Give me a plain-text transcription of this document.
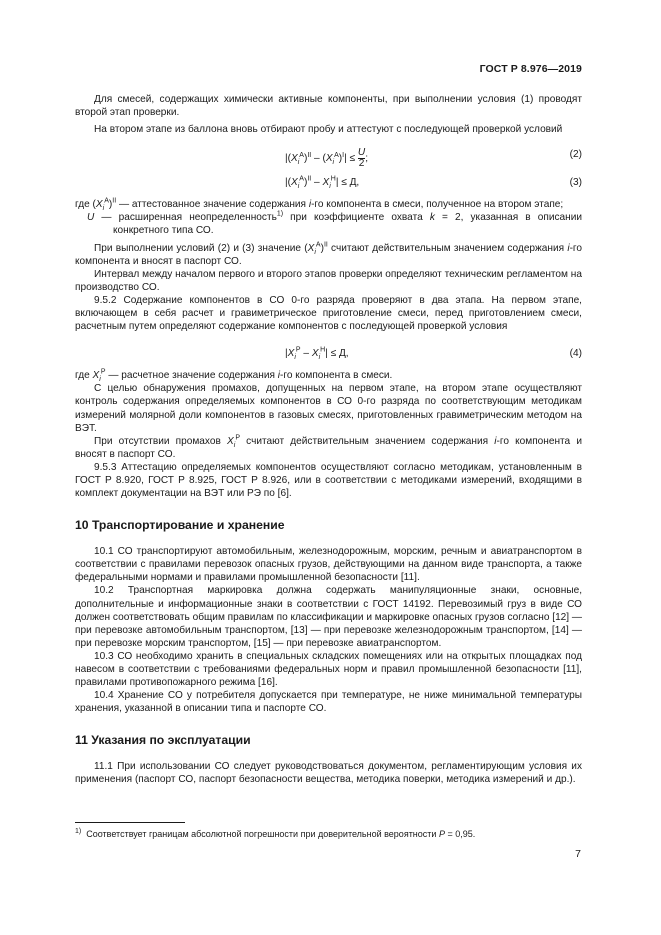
ГОСТ Р 8.976—2019

Для смесей, содержащих химически активные компоненты, при выполнении условия (1) проводят второй этап проверки.

На втором этапе из баллона вновь отбирают пробу и аттестуют с последующей проверкой условий

$|(X_i^A)^{II} - (X_i^A)^I| \le \frac{U}{2}$ ;	(2)
$|(X_i^A)^{II} - X_i^H| \le Д$,	(3)

где $(X_i^A)^{II}$ — аттестованное значение содержания i-го компонента в смеси, полученное на втором этапе;

U — расширенная неопределенность$^{1)}$ при коэффициенте охвата k = 2, указанная в описании конкретного типа СО.

При выполнении условий (2) и (3) значение $(X_i^A)^{II}$ считают действительным значением содержания i-го компонента и вносят в паспорт СО.

Интервал между началом первого и второго этапов проверки определяют техническим регламентом на производство СО.

9.5.2 Содержание компонентов в СО 0-го разряда проверяют в два этапа. На первом этапе, включающем в себя расчет и гравиметрическое приготовление смеси, перед приготовлением смеси, расчетным путем определяют содержание компонентов с последующей проверкой условия

$|X_i^P - X_i^H| \le Д$,	(4)

где $X_i^P$ — расчетное значение содержания i-го компонента в смеси.

С целью обнаружения промахов, допущенных на первом этапе, на втором этапе осуществляют контроль содержания определяемых компонентов в СО 0-го разряда по соответствующим методикам измерений молярной доли компонентов в газовых смесях, приготовленных гравиметрическим методом на ВЭТ.

При отсутствии промахов $X_i^P$ считают действительным значением содержания i-го компонента и вносят в паспорт СО.

9.5.3 Аттестацию определяемых компонентов осуществляют согласно методикам, установленным в ГОСТ Р 8.920, ГОСТ Р 8.925, ГОСТ Р 8.926, или в соответствии с методиками измерений, входящими в комплект документации на ВЭТ или РЭ по [6].

10 Транспортирование и хранение

10.1 СО транспортируют автомобильным, железнодорожным, морским, речным и авиатранспортом в соответствии с правилами перевозок опасных грузов, действующими на данном виде транспорта, а также федеральными нормами и правилами промышленной безопасности [11].

10.2 Транспортная маркировка должна содержать манипуляционные знаки, основные, дополнительные и информационные знаки в соответствии с ГОСТ 14192. Перевозимый груз в виде СО должен соответствовать общим правилам по классификации и маркировке опасных грузов согласно [12] — при перевозке автомобильным транспортом, [13] — при перевозке железнодорожным транспортом, [14] — при перевозке морским транспортом, [15] — при перевозке авиатранспортом.

10.3 СО необходимо хранить в специальных складских помещениях или на открытых площадках под навесом в соответствии с требованиями федеральных норм и правил промышленной безопасности [11], правилами противопожарного режима [16].

10.4 Хранение СО у потребителя допускается при температуре, не ниже минимальной температуры хранения, указанной в описании типа и паспорте СО.

11 Указания по эксплуатации

11.1 При использовании СО следует руководствоваться документом, регламентирующим условия их применения (паспорт СО, паспорт безопасности вещества, методика поверки, методика измерений и др.).

$^{1)}$  Соответствует границам абсолютной погрешности при доверительной вероятности P = 0,95.
7
